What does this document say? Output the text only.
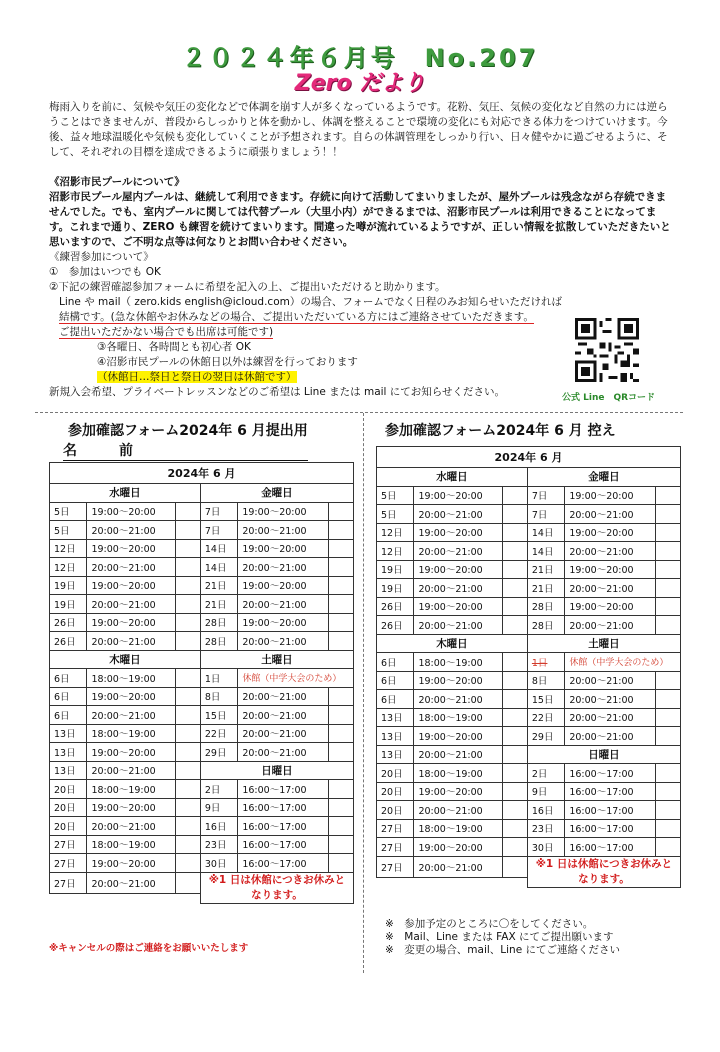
２０２４年６月号　No.207
Zero だより
梅雨入りを前に、気候や気圧の変化などで体調を崩す人が多くなっているようです。花粉、気圧、気候の変化など自然の力には逆らうことはできませんが、普段からしっかりと体を動かし、体調を整えることで環境の変化にも対応できる体力をつけていけます。今後、益々地球温暖化や気候も変化していくことが予想されます。自らの体調管理をしっかり行い、日々健やかに過ごせるように、そして、それぞれの目標を達成できるように頑張りましょう！！
《沼影市民プールについて》
沼影市民プール屋内プールは、継続して利用できます。存続に向けて活動してまいりましたが、屋外プールは残念ながら存続できませんでした。でも、室内プールに関しては代替プール（大里小内）ができるまでは、沼影市民プールは利用できることになってます。これまで通り、ZERO も練習を続けてまいります。間違った噂が流れているようですが、正しい情報を拡散していただきたいと思いますので、ご不明な点等は何なりとお問い合わせください。
《練習参加について》
①　参加はいつでも OK
②下記の練習確認参加フォームに希望を記入の上、ご提出いただけると助かります。
Line や mail（ zero.kids english@icloud.com）の場合、フォームでなく日程のみお知らせいただければ
結構です。(急な休館やお休みなどの場合、ご提出いただいている方にはご連絡させていただきます。
ご提出いただかない場合でも出席は可能です)
③各曜日、各時間とも初心者 OK
④沼影市民プールの休館日以外は練習を行っております
（休館日…祭日と祭日の翌日は休館です）
新規入会希望、プライベートレッスンなどのご希望は Line または mail にてお知らせください。	公式 Line　QRコード
参加確認フォーム2024年 6 月提出用
名　前
参加確認フォーム2024年 6 月 控え
2024年 6 月					
水曜日			金曜日		
5日	19:00～20:00		7日	19:00～20:00	
5日	20:00～21:00		7日	20:00～21:00	
12日	19:00～20:00		14日	19:00～20:00	
12日	20:00～21:00		14日	20:00～21:00	
19日	19:00～20:00		21日	19:00～20:00	
19日	20:00～21:00		21日	20:00～21:00	
26日	19:00～20:00		28日	19:00～20:00	
26日	20:00～21:00		28日	20:00～21:00	
木曜日			土曜日		
6日	18:00～19:00		1日	休館（中学大会のため）	
6日	19:00～20:00		8日	20:00～21:00	
6日	20:00～21:00		15日	20:00～21:00	
13日	18:00～19:00		22日	20:00～21:00	
13日	19:00～20:00		29日	20:00～21:00	
13日	20:00～21:00		日曜日		
20日	18:00～19:00		2日	16:00～17:00	
20日	19:00～20:00		9日	16:00～17:00	
20日	20:00～21:00		16日	16:00～17:00	
27日	18:00～19:00		23日	16:00～17:00	
27日	19:00～20:00		30日	16:00～17:00	
27日	20:00～21:00		※1 日は休館につきお休みとなります。		

2024年 6 月					
水曜日			金曜日		
5日	19:00～20:00		7日	19:00～20:00	
5日	20:00～21:00		7日	20:00～21:00	
12日	19:00～20:00		14日	19:00～20:00	
12日	20:00～21:00		14日	20:00～21:00	
19日	19:00～20:00		21日	19:00～20:00	
19日	20:00～21:00		21日	20:00～21:00	
26日	19:00～20:00		28日	19:00～20:00	
26日	20:00～21:00		28日	20:00～21:00	
木曜日			土曜日		
6日	18:00～19:00		1日	休館（中学大会のため）	
6日	19:00～20:00		8日	20:00～21:00	
6日	20:00～21:00		15日	20:00～21:00	
13日	18:00～19:00		22日	20:00～21:00	
13日	19:00～20:00		29日	20:00～21:00	
13日	20:00～21:00		日曜日		
20日	18:00～19:00		2日	16:00～17:00	
20日	19:00～20:00		9日	16:00～17:00	
20日	20:00～21:00		16日	16:00～17:00	
27日	18:00～19:00		23日	16:00～17:00	
27日	19:00～20:00		30日	16:00～17:00	
27日	20:00～21:00		※1 日は休館につきお休みとなります。		

※キャンセルの際はご連絡をお願いいたします
※　参加予定のところに〇をしてください。
※　Mail、Line または FAX にてご提出願います
※　変更の場合、mail、Line にてご連絡ください
